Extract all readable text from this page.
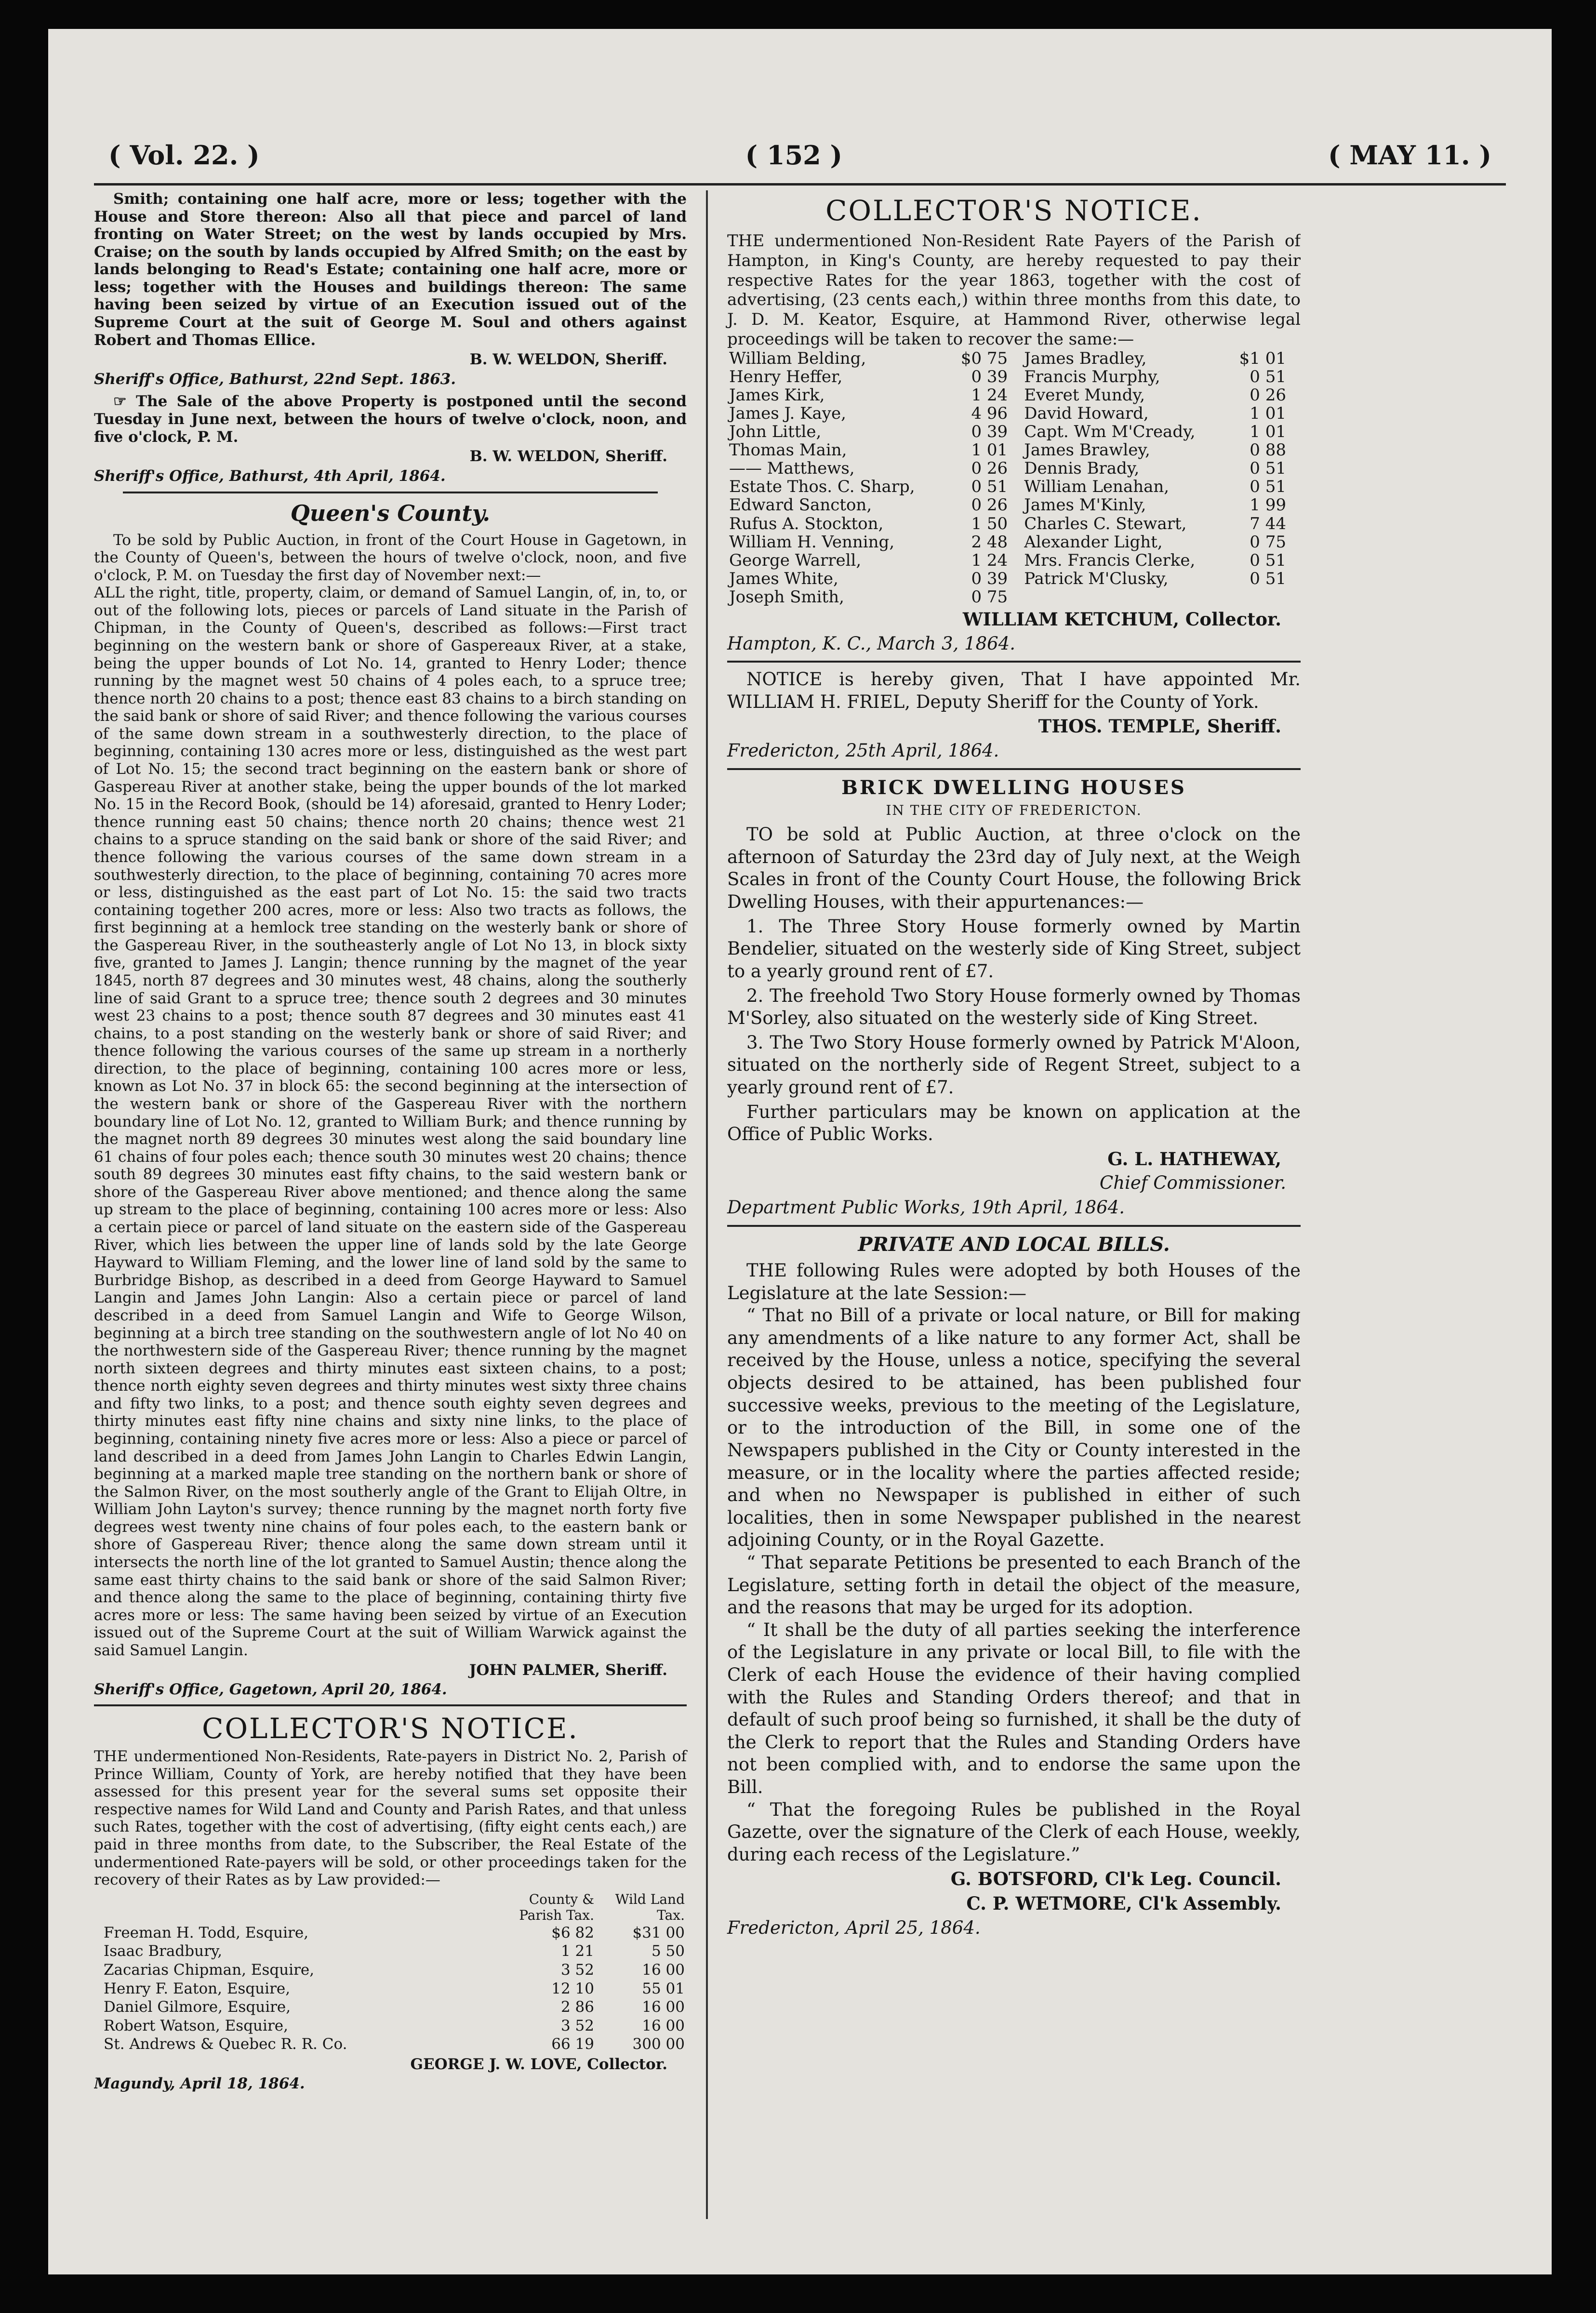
( Vol. 22. )	( 152 )	( MAY 11. )

Smith; containing one half acre, more or less; together with the House and Store thereon: Also all that piece and parcel of land fronting on Water Street; on the west by lands occupied by Mrs. Craise; on the south by lands occupied by Alfred Smith; on the east by lands belonging to Read's Estate; containing one half acre, more or less; together with the Houses and buildings thereon: The same having been seized by virtue of an Execution issued out of the Supreme Court at the suit of George M. Soul and others against Robert and Thomas Ellice.

B. W. WELDON, Sheriff.
Sheriff's Office, Bathurst, 22nd Sept. 1863.

☞ The Sale of the above Property is postponed until the second Tuesday in June next, between the hours of twelve o'clock, noon, and five o'clock, P. M.

B. W. WELDON, Sheriff.
Sheriff's Office, Bathurst, 4th April, 1864.
Queen's County.

To be sold by Public Auction, in front of the Court House in Gagetown, in the County of Queen's, between the hours of twelve o'clock, noon, and five o'clock, P. M. on Tuesday the first day of November next:—

ALL the right, title, property, claim, or demand of Samuel Langin, of, in, to, or out of the following lots, pieces or parcels of Land situate in the Parish of Chipman, in the County of Queen's, described as follows:—First tract beginning on the western bank or shore of Gaspereaux River, at a stake, being the upper bounds of Lot No. 14, granted to Henry Loder; thence running by the magnet west 50 chains of 4 poles each, to a spruce tree; thence north 20 chains to a post; thence east 83 chains to a birch standing on the said bank or shore of said River; and thence following the various courses of the same down stream in a southwesterly direction, to the place of beginning, containing 130 acres more or less, distinguished as the west part of Lot No. 15; the second tract beginning on the eastern bank or shore of Gaspereau River at another stake, being the upper bounds of the lot marked No. 15 in the Record Book, (should be 14) aforesaid, granted to Henry Loder; thence running east 50 chains; thence north 20 chains; thence west 21 chains to a spruce standing on the said bank or shore of the said River; and thence following the various courses of the same down stream in a southwesterly direction, to the place of beginning, containing 70 acres more or less, distinguished as the east part of Lot No. 15: the said two tracts containing together 200 acres, more or less: Also two tracts as follows, the first beginning at a hemlock tree standing on the westerly bank or shore of the Gaspereau River, in the southeasterly angle of Lot No 13, in block sixty five, granted to James J. Langin; thence running by the magnet of the year 1845, north 87 degrees and 30 minutes west, 48 chains, along the southerly line of said Grant to a spruce tree; thence south 2 degrees and 30 minutes west 23 chains to a post; thence south 87 degrees and 30 minutes east 41 chains, to a post standing on the westerly bank or shore of said River; and thence following the various courses of the same up stream in a northerly direction, to the place of beginning, containing 100 acres more or less, known as Lot No. 37 in block 65: the second beginning at the intersection of the western bank or shore of the Gaspereau River with the northern boundary line of Lot No. 12, granted to William Burk; and thence running by the magnet north 89 degrees 30 minutes west along the said boundary line 61 chains of four poles each; thence south 30 minutes west 20 chains; thence south 89 degrees 30 minutes east fifty chains, to the said western bank or shore of the Gaspereau River above mentioned; and thence along the same up stream to the place of beginning, containing 100 acres more or less: Also a certain piece or parcel of land situate on the eastern side of the Gaspereau River, which lies between the upper line of lands sold by the late George Hayward to William Fleming, and the lower line of land sold by the same to Burbridge Bishop, as described in a deed from George Hayward to Samuel Langin and James John Langin: Also a certain piece or parcel of land described in a deed from Samuel Langin and Wife to George Wilson, beginning at a birch tree standing on the southwestern angle of lot No 40 on the northwestern side of the Gaspereau River; thence running by the magnet north sixteen degrees and thirty minutes east sixteen chains, to a post; thence north eighty seven degrees and thirty minutes west sixty three chains and fifty two links, to a post; and thence south eighty seven degrees and thirty minutes east fifty nine chains and sixty nine links, to the place of beginning, containing ninety five acres more or less: Also a piece or parcel of land described in a deed from James John Langin to Charles Edwin Langin, beginning at a marked maple tree standing on the northern bank or shore of the Salmon River, on the most southerly angle of the Grant to Elijah Oltre, in William John Layton's survey; thence running by the magnet north forty five degrees west twenty nine chains of four poles each, to the eastern bank or shore of Gaspereau River; thence along the same down stream until it intersects the north line of the lot granted to Samuel Austin; thence along the same east thirty chains to the said bank or shore of the said Salmon River; and thence along the same to the place of beginning, containing thirty five acres more or less: The same having been seized by virtue of an Execution issued out of the Supreme Court at the suit of William Warwick against the said Samuel Langin.

JOHN PALMER, Sheriff.
Sheriff's Office, Gagetown, April 20, 1864.
COLLECTOR'S NOTICE.

THE undermentioned Non-Residents, Rate-payers in District No. 2, Parish of Prince William, County of York, are hereby notified that they have been assessed for this present year for the several sums set opposite their respective names for Wild Land and County and Parish Rates, and that unless such Rates, together with the cost of advertising, (fifty eight cents each,) are paid in three months from date, to the Subscriber, the Real Estate of the undermentioned Rate-payers will be sold, or other proceedings taken for the recovery of their Rates as by Law provided:—

	County & Parish Tax.	Wild Land Tax.
Freeman H. Todd, Esquire,	$6 82	$31 00
Isaac Bradbury,	1 21	5 50
Zacarias Chipman, Esquire,	3 52	16 00
Henry F. Eaton, Esquire,	12 10	55 01
Daniel Gilmore, Esquire,	2 86	16 00
Robert Watson, Esquire,	3 52	16 00
St. Andrews & Quebec R. R. Co.	66 19	300 00
GEORGE J. W. LOVE, Collector.
Magundy, April 18, 1864.
COLLECTOR'S NOTICE.

THE undermentioned Non-Resident Rate Payers of the Parish of Hampton, in King's County, are hereby requested to pay their respective Rates for the year 1863, together with the cost of advertising, (23 cents each,) within three months from this date, to J. D. M. Keator, Esquire, at Hammond River, otherwise legal proceedings will be taken to recover the same:—

William Belding,	$0 75	James Bradley,	$1 01
Henry Heffer,	0 39	Francis Murphy,	0 51
James Kirk,	1 24	Everet Mundy,	0 26
James J. Kaye,	4 96	David Howard,	1 01
John Little,	0 39	Capt. Wm M'Cready,	1 01
Thomas Main,	1 01	James Brawley,	0 88
—— Matthews,	0 26	Dennis Brady,	0 51
Estate Thos. C. Sharp,	0 51	William Lenahan,	0 51
Edward Sancton,	0 26	James M'Kinly,	1 99
Rufus A. Stockton,	1 50	Charles C. Stewart,	7 44
William H. Venning,	2 48	Alexander Light,	0 75
George Warrell,	1 24	Mrs. Francis Clerke,	0 51
James White,	0 39	Patrick M'Clusky,	0 51
Joseph Smith,	0 75		
WILLIAM KETCHUM, Collector.
Hampton, K. C., March 3, 1864.

NOTICE is hereby given, That I have appointed Mr. WILLIAM H. FRIEL, Deputy Sheriff for the County of York.

THOS. TEMPLE, Sheriff.
Fredericton, 25th April, 1864.
BRICK DWELLING HOUSES
IN THE CITY OF FREDERICTON.

TO be sold at Public Auction, at three o'clock on the afternoon of Saturday the 23rd day of July next, at the Weigh Scales in front of the County Court House, the following Brick Dwelling Houses, with their appurtenances:—

1. The Three Story House formerly owned by Martin Bendelier, situated on the westerly side of King Street, subject to a yearly ground rent of £7.

2. The freehold Two Story House formerly owned by Thomas M'Sorley, also situated on the westerly side of King Street.

3. The Two Story House formerly owned by Patrick M'Aloon, situated on the northerly side of Regent Street, subject to a yearly ground rent of £7.

Further particulars may be known on application at the Office of Public Works.

G. L. HATHEWAY,
Chief Commissioner.
Department Public Works, 19th April, 1864.
PRIVATE AND LOCAL BILLS.

THE following Rules were adopted by both Houses of the Legislature at the late Session:—

“ That no Bill of a private or local nature, or Bill for making any amendments of a like nature to any former Act, shall be received by the House, unless a notice, specifying the several objects desired to be attained, has been published four successive weeks, previous to the meeting of the Legislature, or to the introduction of the Bill, in some one of the Newspapers published in the City or County interested in the measure, or in the locality where the parties affected reside; and when no Newspaper is published in either of such localities, then in some Newspaper published in the nearest adjoining County, or in the Royal Gazette.

“ That separate Petitions be presented to each Branch of the Legislature, setting forth in detail the object of the measure, and the reasons that may be urged for its adoption.

“ It shall be the duty of all parties seeking the interference of the Legislature in any private or local Bill, to file with the Clerk of each House the evidence of their having complied with the Rules and Standing Orders thereof; and that in default of such proof being so furnished, it shall be the duty of the Clerk to report that the Rules and Standing Orders have not been complied with, and to endorse the same upon the Bill.

“ That the foregoing Rules be published in the Royal Gazette, over the signature of the Clerk of each House, weekly, during each recess of the Legislature.”

G. BOTSFORD, Cl'k Leg. Council.
C. P. WETMORE, Cl'k Assembly.
Fredericton, April 25, 1864.
